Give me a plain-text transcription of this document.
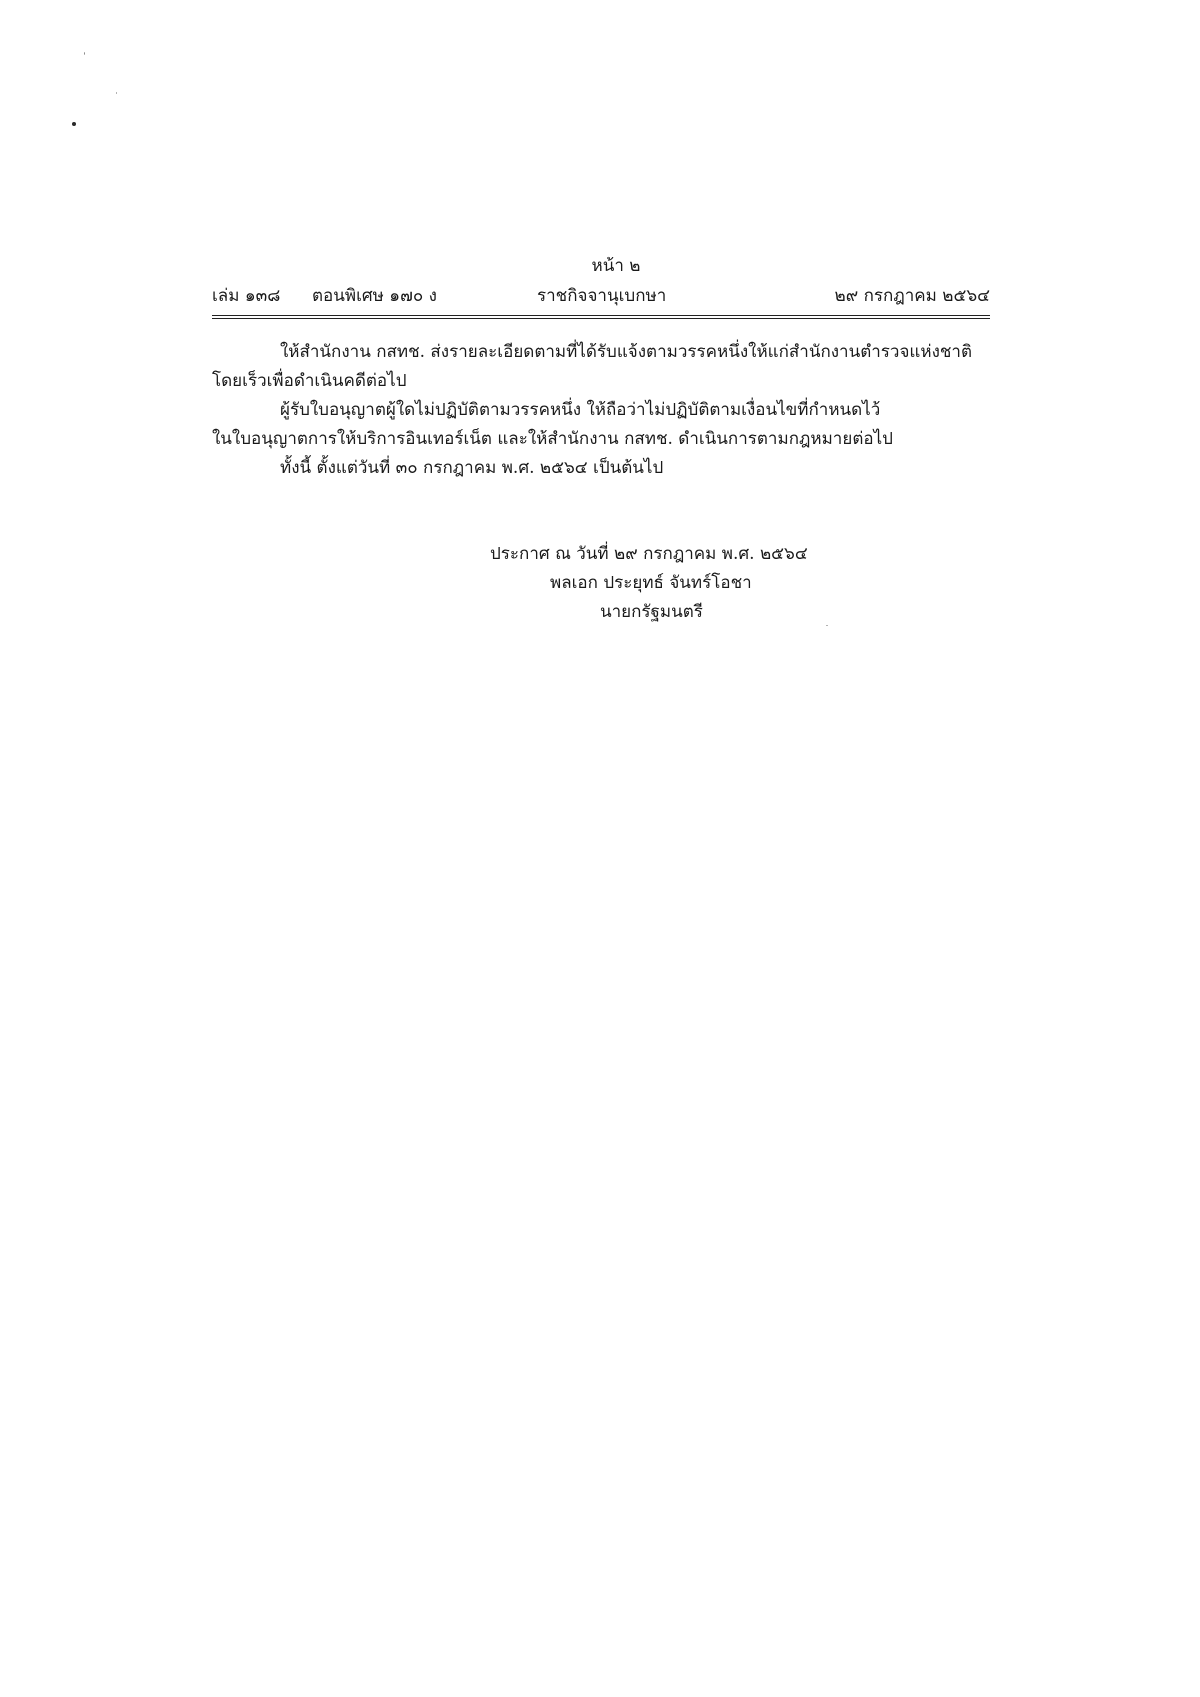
หน้า ๒
เล่ม ๑๓๘ ตอนพิเศษ ๑๗๐ ง	ราชกิจจานุเบกษา	๒๙ กรกฎาคม ๒๕๖๔

ให้สำนักงาน กสทช. ส่งรายละเอียดตามที่ได้รับแจ้งตามวรรคหนึ่งให้แก่สำนักงานตำรวจแห่งชาติ

โดยเร็วเพื่อดำเนินคดีต่อไป

ผู้รับใบอนุญาตผู้ใดไม่ปฏิบัติตามวรรคหนึ่ง ให้ถือว่าไม่ปฏิบัติตามเงื่อนไขที่กำหนดไว้

ในใบอนุญาตการให้บริการอินเทอร์เน็ต และให้สำนักงาน กสทช. ดำเนินการตามกฎหมายต่อไป

ทั้งนี้ ตั้งแต่วันที่ ๓๐ กรกฎาคม พ.ศ. ๒๕๖๔ เป็นต้นไป

ประกาศ ณ วันที่ ๒๙ กรกฎาคม พ.ศ. ๒๕๖๔
พลเอก ประยุทธ์ จันทร์โอชา
นายกรัฐมนตรี
